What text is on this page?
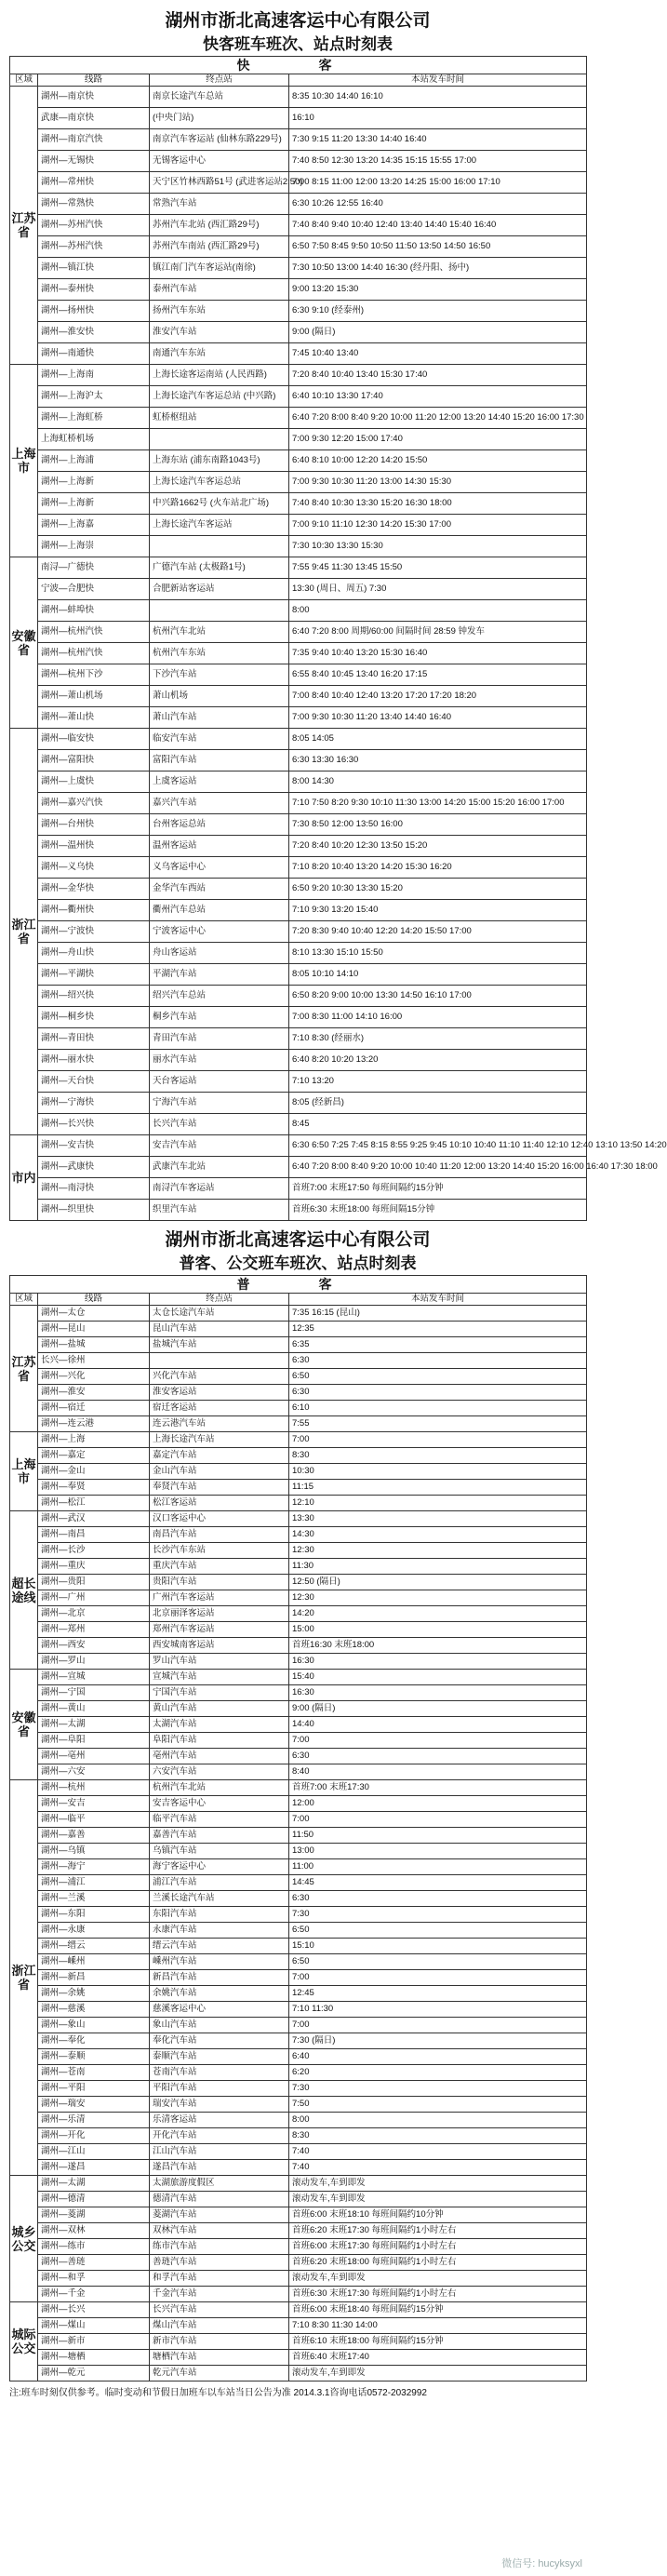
湖州市浙北高速客运中心有限公司
快客班车班次、站点时刻表
快　客			
区域	线路	终点站	本站发车时间
江苏省	湖州—南京快	南京长途汽车总站	8:35 10:30 14:40 16:10
	武康—南京快	(中央门站)	16:10
	湖州—南京汽快	南京汽车客运站 (仙林东路229号)	7:30 9:15 11:20 13:30 14:40 16:40
	湖州—无锡快	无锡客运中心	7:40 8:50 12:30 13:20 14:35 15:15 15:55 17:00
	湖州—常州快	天宁区竹林西路51号 (武进客运站2:50)	7:00 8:15 11:00 12:00 13:20 14:25 15:00 16:00 17:10
	湖州—常熟快	常熟汽车站	6:30 10:26 12:55 16:40
	湖州—苏州汽快	苏州汽车北站 (西汇路29号)	7:40 8:40 9:40 10:40 12:40 13:40 14:40 15:40 16:40
	湖州—苏州汽快	苏州汽车南站 (西汇路29号)	6:50 7:50 8:45 9:50 10:50 11:50 13:50 14:50 16:50
	湖州—镇江快	镇江南门汽车客运站(南徐)	7:30 10:50 13:00 14:40 16:30 (经丹阳、扬中)
	湖州—泰州快	泰州汽车站	9:00 13:20 15:30
	湖州—扬州快	扬州汽车东站	6:30 9:10 (经泰州)
	湖州—淮安快	淮安汽车站	9:00 (隔日)
	湖州—南通快	南通汽车东站	7:45 10:40 13:40
上海市	湖州—上海南	上海长途客运南站 (人民西路)	7:20 8:40 10:40 13:40 15:30 17:40
	湖州—上海沪太	上海长途汽车客运总站 (中兴路)	6:40 10:10 13:30 17:40
	湖州—上海虹桥	虹桥枢纽站	6:40 7:20 8:00 8:40 9:20 10:00 11:20 12:00 13:20 14:40 15:20 16:00 17:30
	上海虹桥机场		7:00 9:30 12:20 15:00 17:40
	湖州—上海浦	上海东站 (浦东南路1043号)	6:40 8:10 10:00 12:20 14:20 15:50
	湖州—上海新	上海长途汽车客运总站	7:00 9:30 10:30 11:20 13:00 14:30 15:30
	湖州—上海新	中兴路1662号 (火车站北广场)	7:40 8:40 10:30 13:30 15:20 16:30 18:00
	湖州—上海嘉	上海长途汽车客运站	7:00 9:10 11:10 12:30 14:20 15:30 17:00
	湖州—上海崇		7:30 10:30 13:30 15:30
安徽省	南浔—广德快	广德汽车站 (太极路1号)	7:55 9:45 11:30 13:45 15:50
	宁波—合肥快	合肥新站客运站	13:30 (周日、周五) 7:30
	湖州—蚌埠快		8:00
	湖州—杭州汽快	杭州汽车北站	6:40 7:20 8:00 周期/60:00 间隔时间 28:59 钟发车
	湖州—杭州汽快	杭州汽车东站	7:35 9:40 10:40 13:20 15:30 16:40
	湖州—杭州下沙	下沙汽车站	6:55 8:40 10:45 13:40 16:20 17:15
	湖州—萧山机场	萧山机场	7:00 8:40 10:40 12:40 13:20 17:20 17:20 18:20
	湖州—萧山快	萧山汽车站	7:00 9:30 10:30 11:20 13:40 14:40 16:40
浙江省	湖州—临安快	临安汽车站	8:05 14:05
	湖州—富阳快	富阳汽车站	6:30 13:30 16:30
	湖州—上虞快	上虞客运站	8:00 14:30
	湖州—嘉兴汽快	嘉兴汽车站	7:10 7:50 8:20 9:30 10:10 11:30 13:00 14:20 15:00 15:20 16:00 17:00
	湖州—台州快	台州客运总站	7:30 8:50 12:00 13:50 16:00
	湖州—温州快	温州客运站	7:20 8:40 10:20 12:30 13:50 15:20
	湖州—义乌快	义乌客运中心	7:10 8:20 10:40 13:20 14:20 15:30 16:20
	湖州—金华快	金华汽车西站	6:50 9:20 10:30 13:30 15:20
	湖州—衢州快	衢州汽车总站	7:10 9:30 13:20 15:40
	湖州—宁波快	宁波客运中心	7:20 8:30 9:40 10:40 12:20 14:20 15:50 17:00
	湖州—舟山快	舟山客运站	8:10 13:30 15:10 15:50
	湖州—平湖快	平湖汽车站	8:05 10:10 14:10
	湖州—绍兴快	绍兴汽车总站	6:50 8:20 9:00 10:00 13:30 14:50 16:10 17:00
	湖州—桐乡快	桐乡汽车站	7:00 8:30 11:00 14:10 16:00
	湖州—青田快	青田汽车站	7:10 8:30 (经丽水)
	湖州—丽水快	丽水汽车站	6:40 8:20 10:20 13:20
	湖州—天台快	天台客运站	7:10 13:20
	湖州—宁海快	宁海汽车站	8:05 (经新昌)
	湖州—长兴快	长兴汽车站	8:45
市内	湖州—安吉快	安吉汽车站	6:30 6:50 7:25 7:45 8:15 8:55 9:25 9:45 10:10 10:40 11:10 11:40 12:10 12:40 13:10 13:50 14:20
	湖州—武康快	武康汽车北站	6:40 7:20 8:00 8:40 9:20 10:00 10:40 11:20 12:00 13:20 14:40 15:20 16:00 16:40 17:30 18:00
	湖州—南浔快	南浔汽车客运站	首班7:00 末班17:50 每班间隔约15分钟
	湖州—织里快	织里汽车站	首班6:30 末班18:00 每班间隔15分钟
湖州市浙北高速客运中心有限公司
普客、公交班车班次、站点时刻表
普　客			
区域	线路	终点站	本站发车时间
江苏省	湖州—太仓	太仓长途汽车站	7:35 16:15 (昆山)
	湖州—昆山	昆山汽车站	12:35
	湖州—盐城	盐城汽车站	6:35
	长兴—徐州		6:30
	湖州—兴化	兴化汽车站	6:50
	湖州—淮安	淮安客运站	6:30
	湖州—宿迁	宿迁客运站	6:10
	湖州—连云港	连云港汽车站	7:55
上海市	湖州—上海	上海长途汽车站	7:00
	湖州—嘉定	嘉定汽车站	8:30
	湖州—金山	金山汽车站	10:30
	湖州—奉贤	奉贤汽车站	11:15
	湖州—松江	松江客运站	12:10
超长途线	湖州—武汉	汉口客运中心	13:30
	湖州—南昌	南昌汽车站	14:30
	湖州—长沙	长沙汽车东站	12:30
	湖州—重庆	重庆汽车站	11:30
	湖州—贵阳	贵阳汽车站	12:50 (隔日)
	湖州—广州	广州汽车客运站	12:30
	湖州—北京	北京丽泽客运站	14:20
	湖州—郑州	郑州汽车客运站	15:00
	湖州—西安	西安城南客运站	首班16:30 末班18:00
	湖州—罗山	罗山汽车站	16:30
安徽省	湖州—宣城	宣城汽车站	15:40
	湖州—宁国	宁国汽车站	16:30
	湖州—黄山	黄山汽车站	9:00 (隔日)
	湖州—太湖	太湖汽车站	14:40
	湖州—阜阳	阜阳汽车站	7:00
	湖州—亳州	亳州汽车站	6:30
	湖州—六安	六安汽车站	8:40
浙江省	湖州—杭州	杭州汽车北站	首班7:00 末班17:30
	湖州—安吉	安吉客运中心	12:00
	湖州—临平	临平汽车站	7:00
	湖州—嘉善	嘉善汽车站	11:50
	湖州—乌镇	乌镇汽车站	13:00
	湖州—海宁	海宁客运中心	11:00
	湖州—浦江	浦江汽车站	14:45
	湖州—兰溪	兰溪长途汽车站	6:30
	湖州—东阳	东阳汽车站	7:30
	湖州—永康	永康汽车站	6:50
	湖州—缙云	缙云汽车站	15:10
	湖州—嵊州	嵊州汽车站	6:50
	湖州—新昌	新昌汽车站	7:00
	湖州—余姚	余姚汽车站	12:45
	湖州—慈溪	慈溪客运中心	7:10 11:30
	湖州—象山	象山汽车站	7:00
	湖州—奉化	奉化汽车站	7:30 (隔日)
	湖州—泰顺	泰顺汽车站	6:40
	湖州—苍南	苍南汽车站	6:20
	湖州—平阳	平阳汽车站	7:30
	湖州—瑞安	瑞安汽车站	7:50
	湖州—乐清	乐清客运站	8:00
	湖州—开化	开化汽车站	8:30
	湖州—江山	江山汽车站	7:40
	湖州—遂昌	遂昌汽车站	7:40
城乡公交	湖州—太湖	太湖旅游度假区	滚动发车,车到即发
	湖州—德清	德清汽车站	滚动发车,车到即发
	湖州—菱湖	菱湖汽车站	首班6:00 末班18:10 每班间隔约10分钟
	湖州—双林	双林汽车站	首班6:20 末班17:30 每班间隔约1小时左右
	湖州—练市	练市汽车站	首班6:00 末班17:30 每班间隔约1小时左右
	湖州—善琏	善琏汽车站	首班6:20 末班18:00 每班间隔约1小时左右
	湖州—和孚	和孚汽车站	滚动发车,车到即发
	湖州—千金	千金汽车站	首班6:30 末班17:30 每班间隔约1小时左右
城际公交	湖州—长兴	长兴汽车站	首班6:00 末班18:40 每班间隔约15分钟
	湖州—煤山	煤山汽车站	7:10 8:30 11:30 14:00
	湖州—新市	新市汽车站	首班6:10 末班18:00 每班间隔约15分钟
	湖州—塘栖	塘栖汽车站	首班6:40 末班17:40
	湖州—乾元	乾元汽车站	滚动发车,车到即发
注:班车时刻仅供参考。临时变动和节假日加班车以车站当日公告为准 2014.3.1咨询电话0572-2032992
微信号: hucyksyxl
